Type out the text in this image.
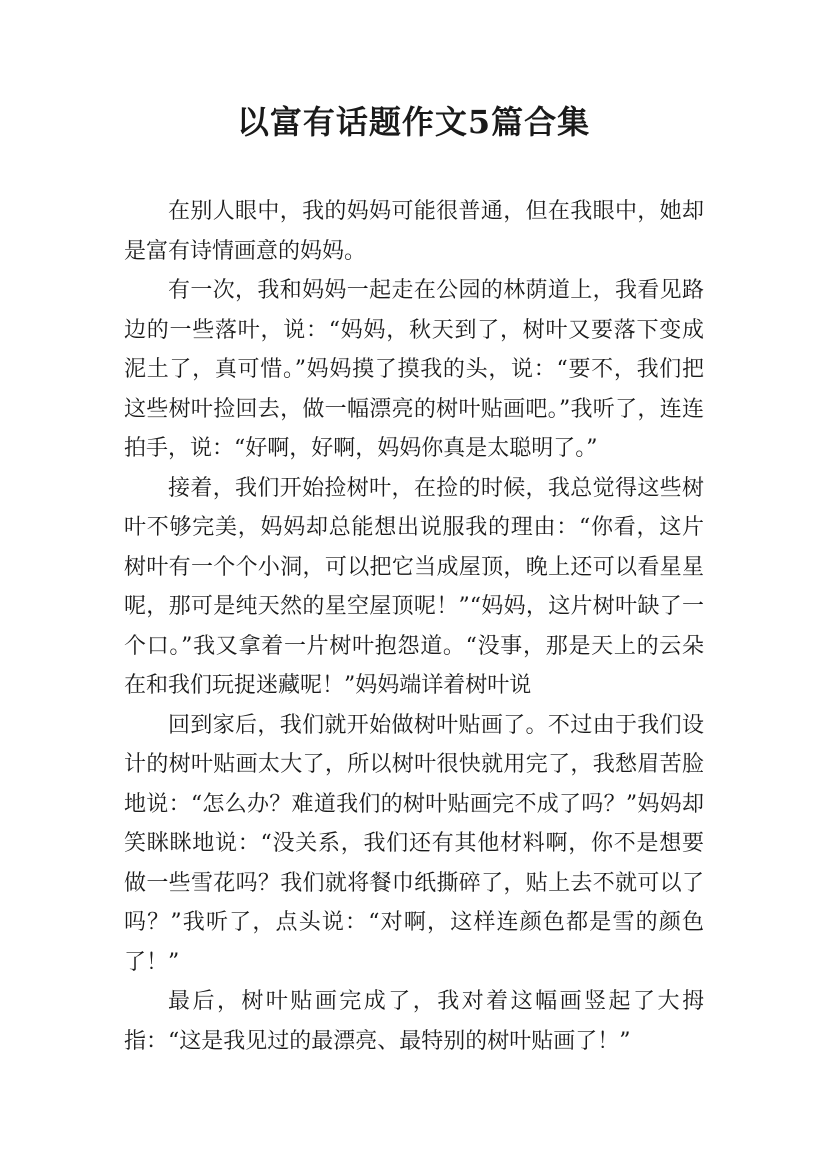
以富有话题作文5篇合集

在别人眼中，我的妈妈可能很普通，但在我眼中，她却是富有诗情画意的妈妈。

有一次，我和妈妈一起走在公园的林荫道上，我看见路边的一些落叶，说：“妈妈，秋天到了，树叶又要落下变成泥土了，真可惜。”妈妈摸了摸我的头，说：“要不，我们把这些树叶捡回去，做一幅漂亮的树叶贴画吧。”我听了，连连拍手，说：“好啊，好啊，妈妈你真是太聪明了。”

接着，我们开始捡树叶，在捡的时候，我总觉得这些树叶不够完美，妈妈却总能想出说服我的理由：“你看，这片树叶有一个个小洞，可以把它当成屋顶，晚上还可以看星星呢，那可是纯天然的星空屋顶呢！”“妈妈，这片树叶缺了一个口。”我又拿着一片树叶抱怨道。“没事，那是天上的云朵在和我们玩捉迷藏呢！”妈妈端详着树叶说

回到家后，我们就开始做树叶贴画了。不过由于我们设计的树叶贴画太大了，所以树叶很快就用完了，我愁眉苦脸地说：“怎么办？难道我们的树叶贴画完不成了吗？”妈妈却笑眯眯地说：“没关系，我们还有其他材料啊，你不是想要做一些雪花吗？我们就将餐巾纸撕碎了，贴上去不就可以了吗？”我听了，点头说：“对啊，这样连颜色都是雪的颜色了！”

最后，树叶贴画完成了，我对着这幅画竖起了大拇指：“这是我见过的最漂亮、最特别的树叶贴画了！”
